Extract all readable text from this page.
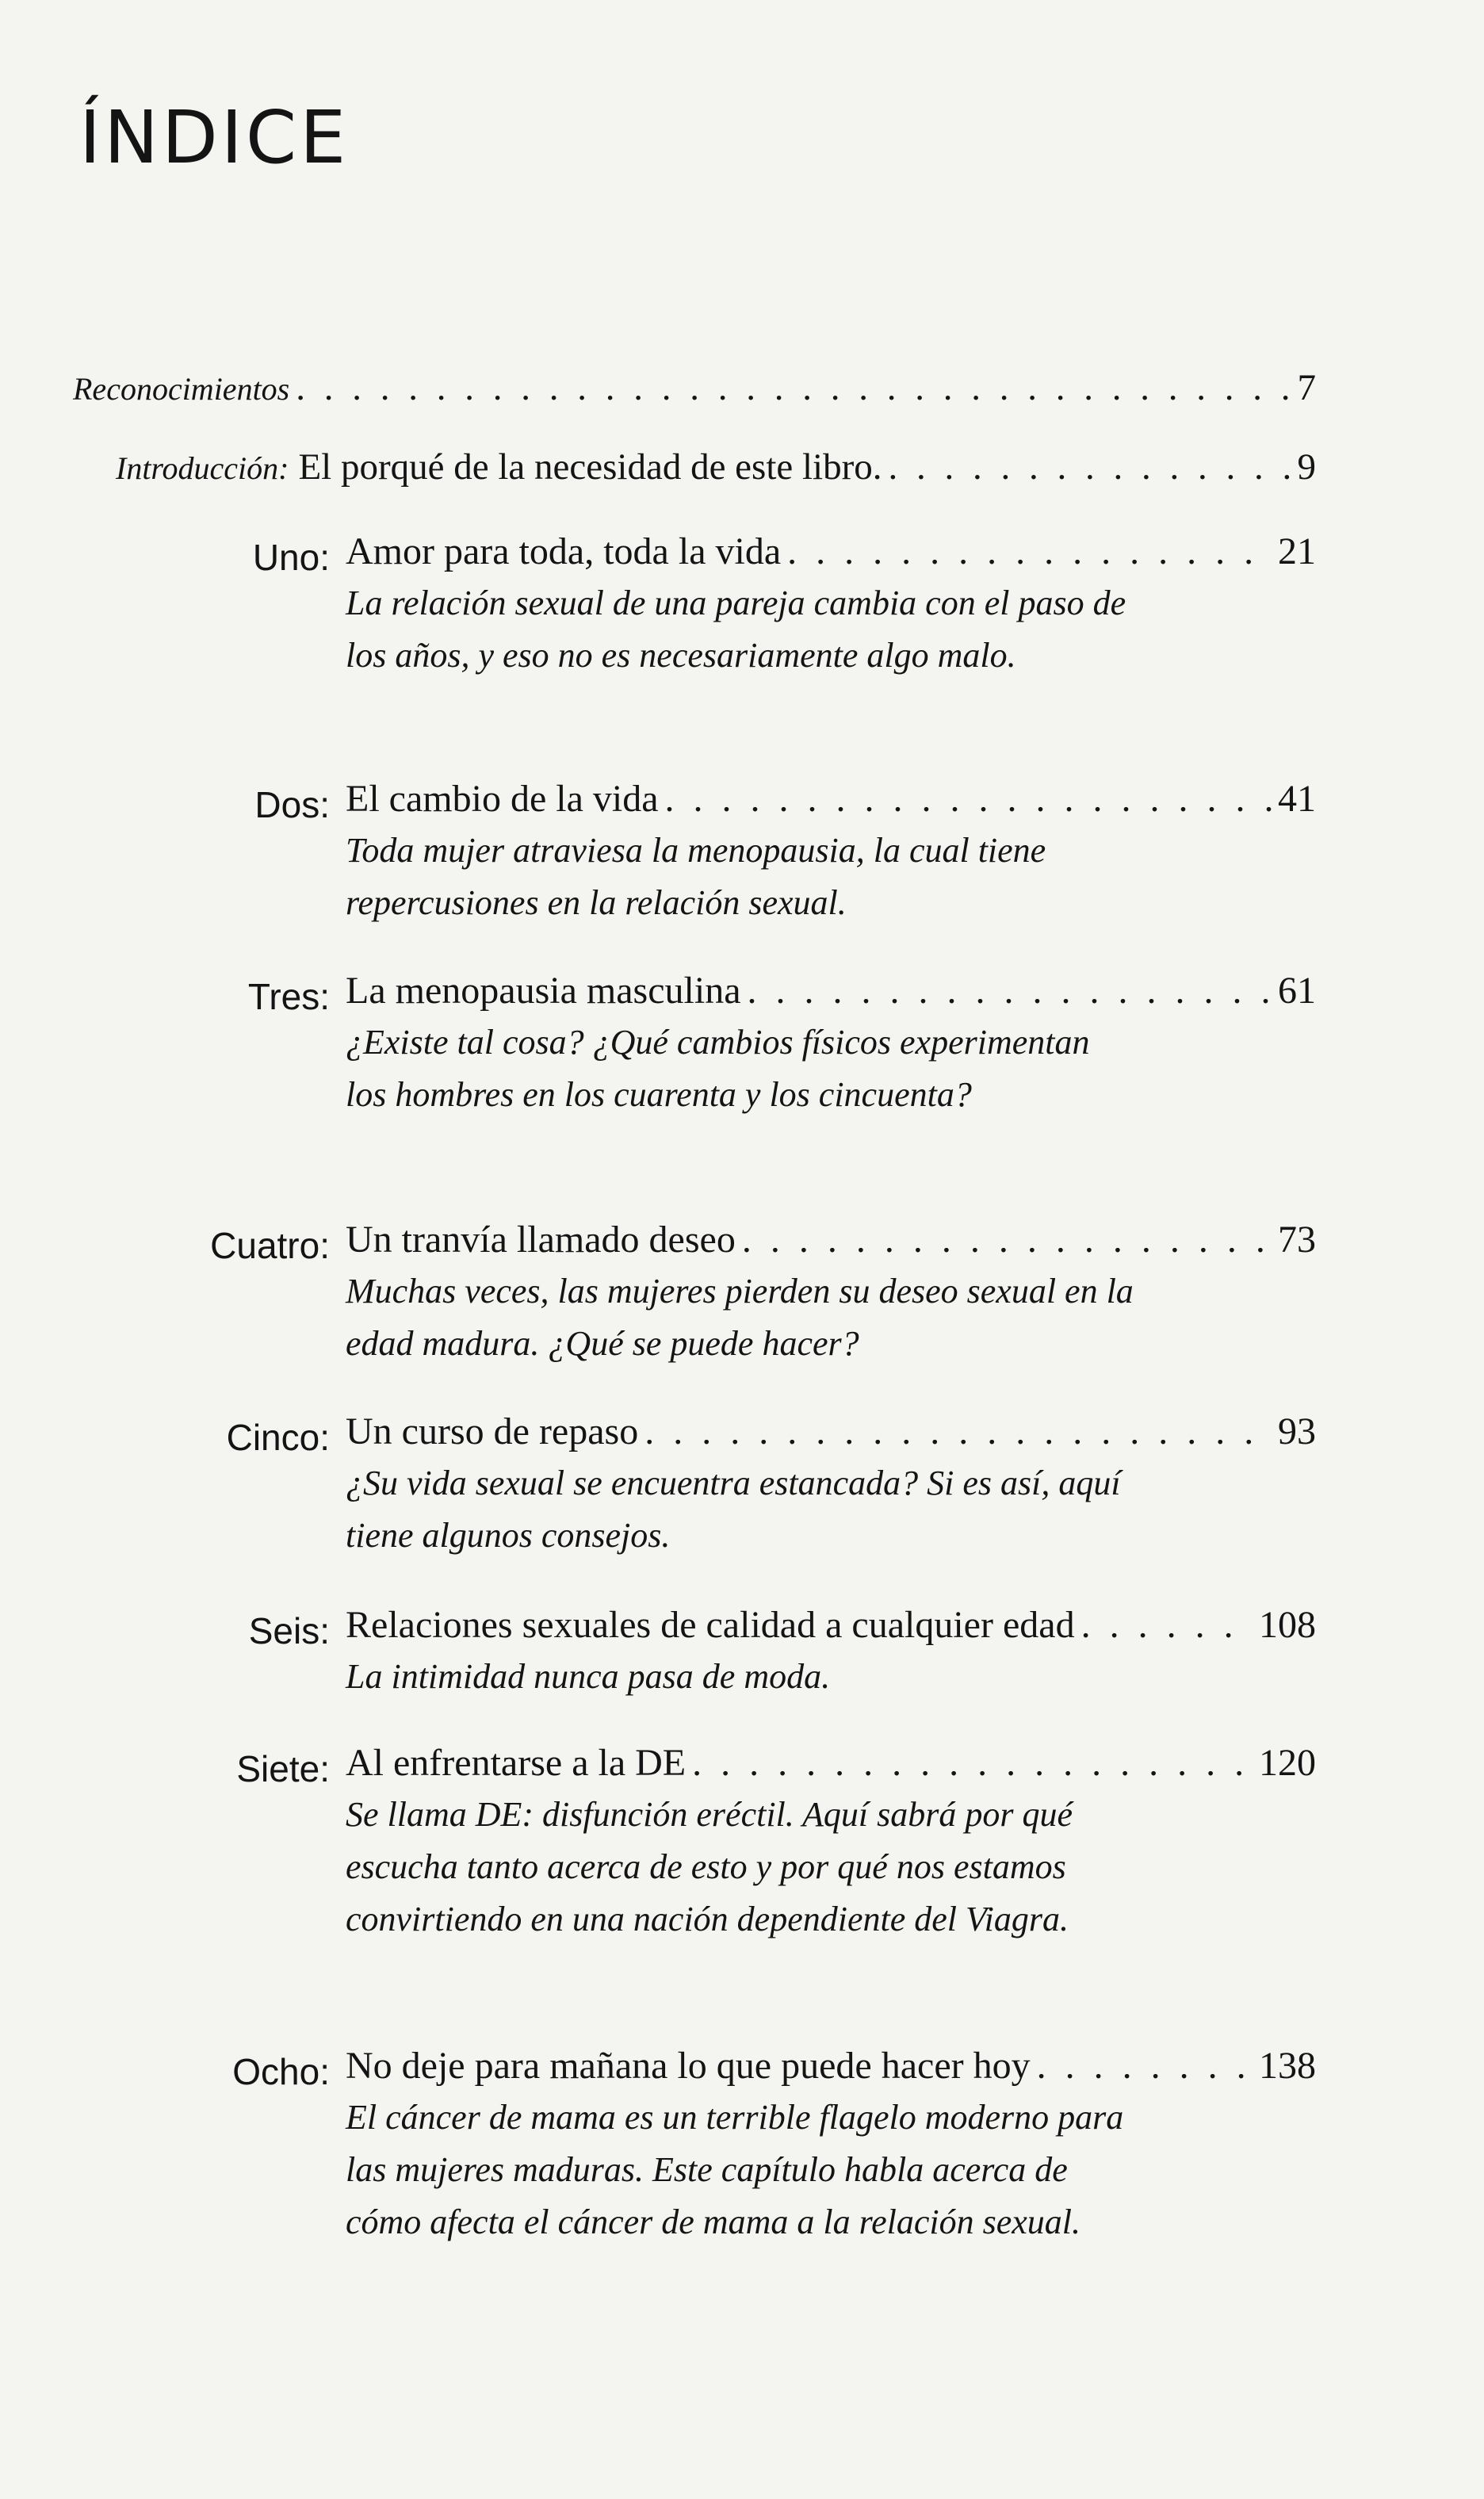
ÍNDICE
Reconocimientos . . .	7
Introducción: El porqué de la necesidad de este libro. . . .	9
Uno: Amor para toda, toda la vida . . .	21

La relación sexual de una pareja cambia con el paso de los años, y eso no es necesariamente algo malo.

Dos: El cambio de la vida . . .	41

Toda mujer atraviesa la menopausia, la cual tiene repercusiones en la relación sexual.

Tres: La menopausia masculina . . .	61

¿Existe tal cosa? ¿Qué cambios físicos experimentan los hombres en los cuarenta y los cincuenta?

Cuatro: Un tranvía llamado deseo . . .	73

Muchas veces, las mujeres pierden su deseo sexual en la edad madura. ¿Qué se puede hacer?

Cinco: Un curso de repaso . . .	93

¿Su vida sexual se encuentra estancada? Si es así, aquí tiene algunos consejos.

Seis: Relaciones sexuales de calidad a cualquier edad . . .	108

La intimidad nunca pasa de moda.

Siete: Al enfrentarse a la DE . . .	120

Se llama DE: disfunción eréctil. Aquí sabrá por qué escucha tanto acerca de esto y por qué nos estamos convirtiendo en una nación dependiente del Viagra.

Ocho: No deje para mañana lo que puede hacer hoy . . .	138

El cáncer de mama es un terrible flagelo moderno para las mujeres maduras. Este capítulo habla acerca de cómo afecta el cáncer de mama a la relación sexual.
